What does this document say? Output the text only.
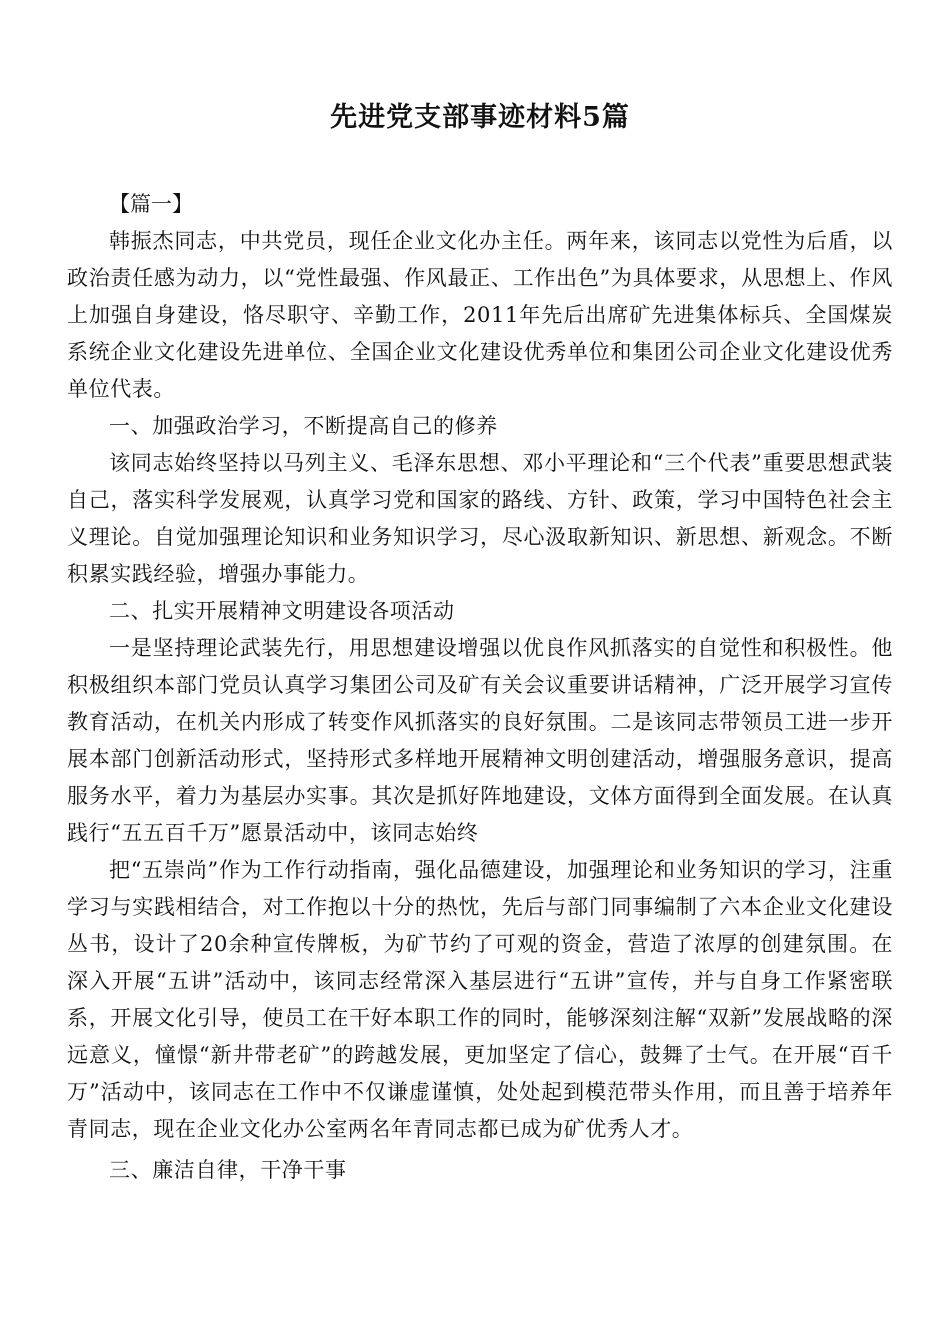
先进党支部事迹材料5篇

【篇一】

韩振杰同志，中共党员，现任企业文化办主任。两年来，该同志以党性为后盾，以政治责任感为动力，以“党性最强、作风最正、工作出色”为具体要求，从思想上、作风上加强自身建设，恪尽职守、辛勤工作，2011年先后出席矿先进集体标兵、全国煤炭系统企业文化建设先进单位、全国企业文化建设优秀单位和集团公司企业文化建设优秀单位代表。

一、加强政治学习，不断提高自己的修养

该同志始终坚持以马列主义、毛泽东思想、邓小平理论和“三个代表”重要思想武装自己，落实科学发展观，认真学习党和国家的路线、方针、政策，学习中国特色社会主义理论。自觉加强理论知识和业务知识学习，尽心汲取新知识、新思想、新观念。不断积累实践经验，增强办事能力。

二、扎实开展精神文明建设各项活动

一是坚持理论武装先行，用思想建设增强以优良作风抓落实的自觉性和积极性。他积极组织本部门党员认真学习集团公司及矿有关会议重要讲话精神，广泛开展学习宣传教育活动，在机关内形成了转变作风抓落实的良好氛围。二是该同志带领员工进一步开展本部门创新活动形式，坚持形式多样地开展精神文明创建活动，增强服务意识，提高服务水平，着力为基层办实事。其次是抓好阵地建设，文体方面得到全面发展。在认真践行“五五百千万”愿景活动中，该同志始终

把“五崇尚”作为工作行动指南，强化品德建设，加强理论和业务知识的学习，注重学习与实践相结合，对工作抱以十分的热忱，先后与部门同事编制了六本企业文化建设丛书，设计了20余种宣传牌板，为矿节约了可观的资金，营造了浓厚的创建氛围。在深入开展“五讲”活动中，该同志经常深入基层进行“五讲”宣传，并与自身工作紧密联系，开展文化引导，使员工在干好本职工作的同时，能够深刻注解“双新”发展战略的深远意义，憧憬“新井带老矿”的跨越发展，更加坚定了信心，鼓舞了士气。在开展“百千万”活动中，该同志在工作中不仅谦虚谨慎，处处起到模范带头作用，而且善于培养年青同志，现在企业文化办公室两名年青同志都已成为矿优秀人才。

三、廉洁自律，干净干事
